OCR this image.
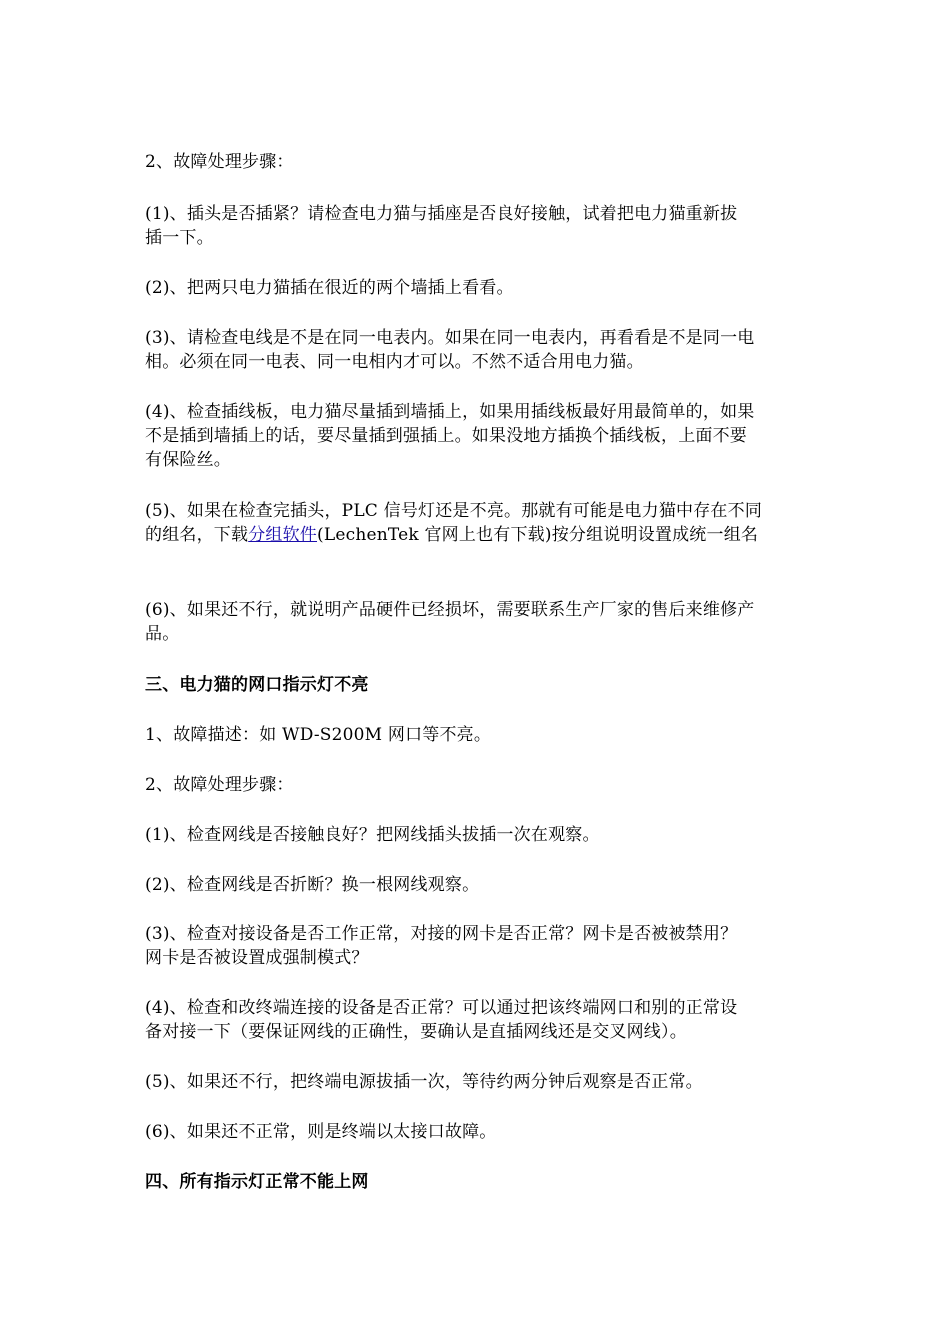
2、故障处理步骤：
(1)、插头是否插紧？请检查电力猫与插座是否良好接触，试着把电力猫重新拔
插一下。
(2)、把两只电力猫插在很近的两个墙插上看看。
(3)、请检查电线是不是在同一电表内。如果在同一电表内，再看看是不是同一电
相。必须在同一电表、同一电相内才可以。不然不适合用电力猫。
(4)、检查插线板，电力猫尽量插到墙插上，如果用插线板最好用最简单的，如果
不是插到墙插上的话，要尽量插到强插上。如果没地方插换个插线板，上面不要
有保险丝。
(5)、如果在检查完插头，PLC 信号灯还是不亮。那就有可能是电力猫中存在不同
的组名，下载分组软件(LechenTek 官网上也有下载)按分组说明设置成统一组名
(6)、如果还不行，就说明产品硬件已经损坏，需要联系生产厂家的售后来维修产
品。
三、电力猫的网口指示灯不亮
1、故障描述：如 WD-S200M 网口等不亮。
2、故障处理步骤：
(1)、检查网线是否接触良好？把网线插头拔插一次在观察。
(2)、检查网线是否折断？换一根网线观察。
(3)、检查对接设备是否工作正常，对接的网卡是否正常？网卡是否被被禁用？
网卡是否被设置成强制模式？
(4)、检查和改终端连接的设备是否正常？可以通过把该终端网口和别的正常设
备对接一下（要保证网线的正确性，要确认是直插网线还是交叉网线）。
(5)、如果还不行，把终端电源拔插一次，等待约两分钟后观察是否正常。
(6)、如果还不正常，则是终端以太接口故障。
四、所有指示灯正常不能上网
